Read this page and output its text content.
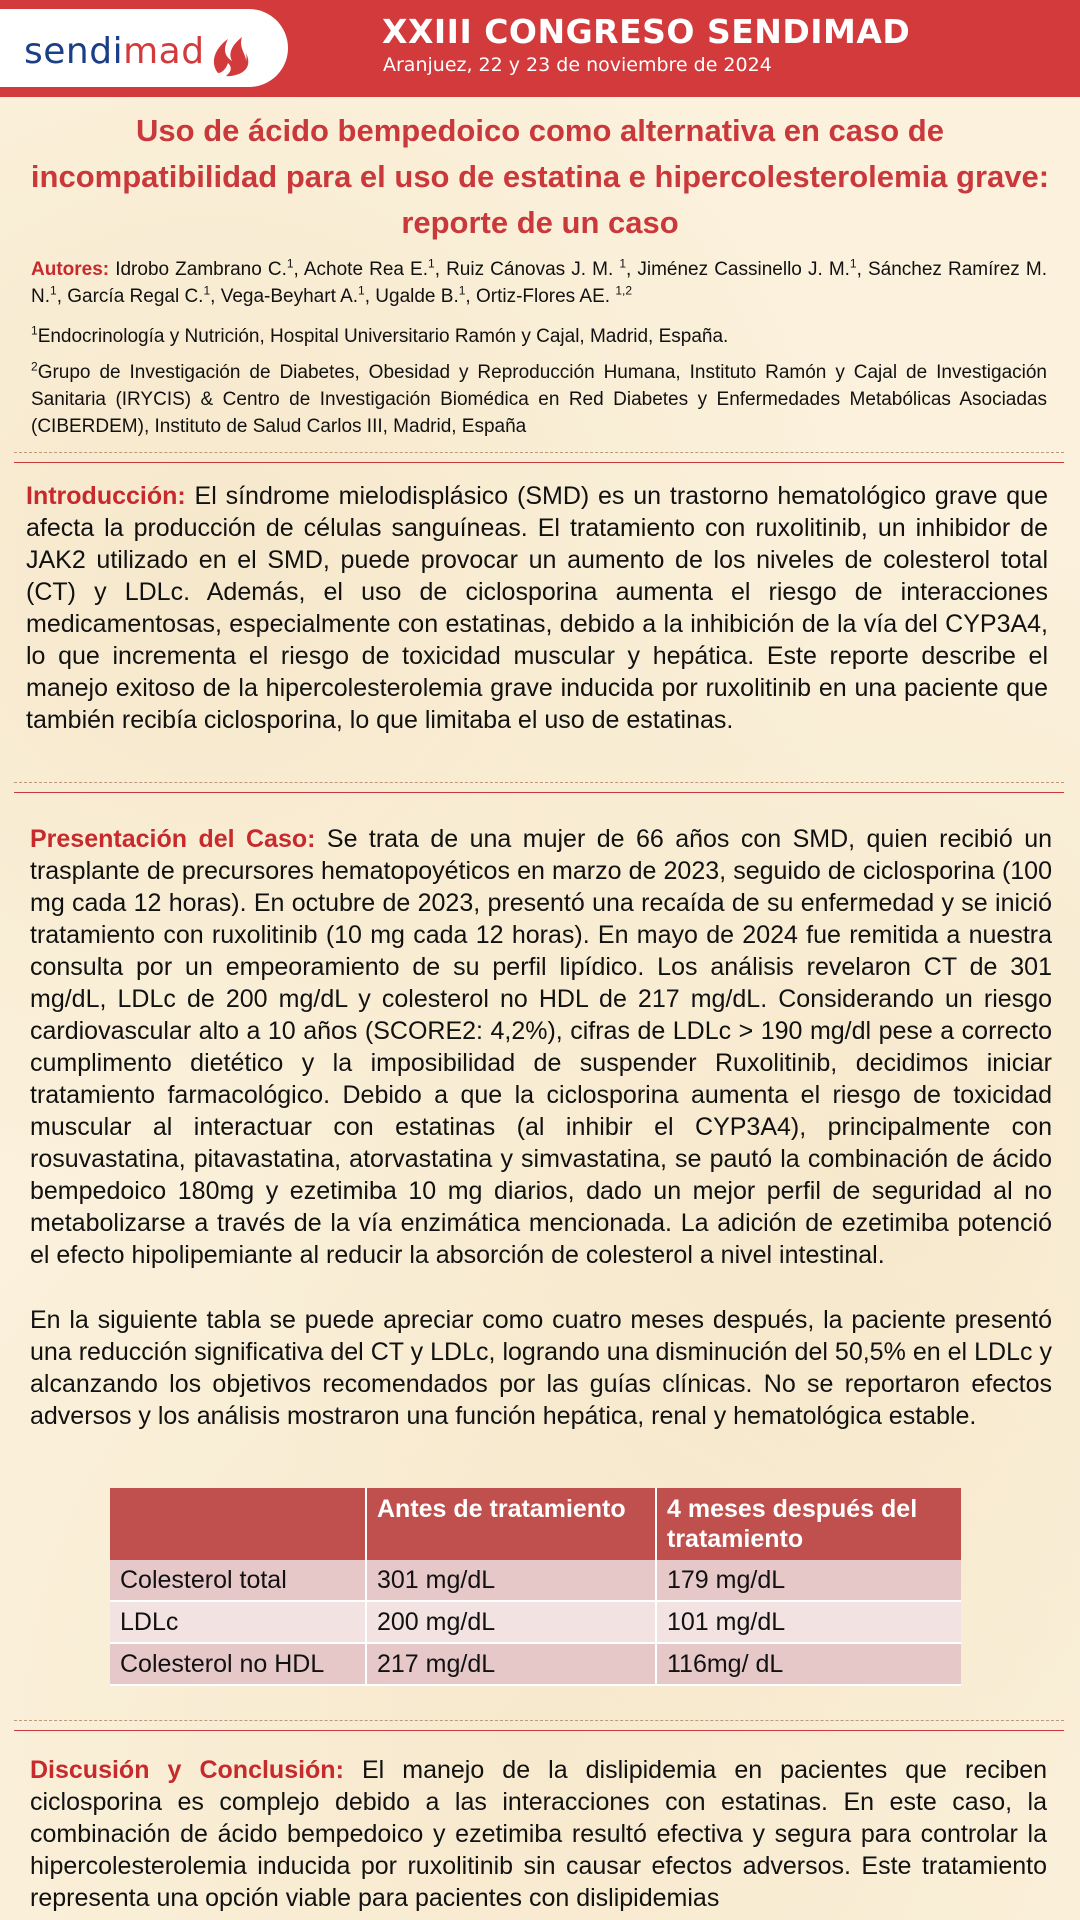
sendimad	XXIII CONGRESO SENDIMAD
Aranjuez, 22 y 23 de noviembre de 2024
Uso de ácido bempedoico como alternativa en caso de incompatibilidad para el uso de estatina e hipercolesterolemia grave: reporte de un caso
Autores: Idrobo Zambrano C.$^1$, Achote Rea E.$^1$, Ruiz Cánovas J. M. $^1$, Jiménez Cassinello J. M.$^1$, Sánchez Ramírez M. N.$^1$, García Regal C.$^1$, Vega-Beyhart A.$^1$, Ugalde B.$^1$, Ortiz-Flores AE. $^{1,2}$
$^1$Endocrinología y Nutrición, Hospital Universitario Ramón y Cajal, Madrid, España.
$^2$Grupo de Investigación de Diabetes, Obesidad y Reproducción Humana, Instituto Ramón y Cajal de Investigación Sanitaria (IRYCIS) & Centro de Investigación Biomédica en Red Diabetes y Enfermedades Metabólicas Asociadas (CIBERDEM), Instituto de Salud Carlos III, Madrid, España
Introducción: El síndrome mielodisplásico (SMD) es un trastorno hematológico grave que afecta la producción de células sanguíneas. El tratamiento con ruxolitinib, un inhibidor de JAK2 utilizado en el SMD, puede provocar un aumento de los niveles de colesterol total (CT) y LDLc. Además, el uso de ciclosporina aumenta el riesgo de interacciones medicamentosas, especialmente con estatinas, debido a la inhibición de la vía del CYP3A4, lo que incrementa el riesgo de toxicidad muscular y hepática. Este reporte describe el manejo exitoso de la hipercolesterolemia grave inducida por ruxolitinib en una paciente que también recibía ciclosporina, lo que limitaba el uso de estatinas.
Presentación del Caso: Se trata de una mujer de 66 años con SMD, quien recibió un trasplante de precursores hematopoyéticos en marzo de 2023, seguido de ciclosporina (100 mg cada 12 horas). En octubre de 2023, presentó una recaída de su enfermedad y se inició tratamiento con ruxolitinib (10 mg cada 12 horas). En mayo de 2024 fue remitida a nuestra consulta por un empeoramiento de su perfil lipídico. Los análisis revelaron CT de 301 mg/dL, LDLc de 200 mg/dL y colesterol no HDL de 217 mg/dL. Considerando un riesgo cardiovascular alto a 10 años (SCORE2: 4,2%), cifras de LDLc > 190 mg/dl pese a correcto cumplimento dietético y la imposibilidad de suspender Ruxolitinib, decidimos iniciar tratamiento farmacológico. Debido a que la ciclosporina aumenta el riesgo de toxicidad muscular al interactuar con estatinas (al inhibir el CYP3A4), principalmente con rosuvastatina, pitavastatina, atorvastatina y simvastatina, se pautó la combinación de ácido bempedoico 180mg y ezetimiba 10 mg diarios, dado un mejor perfil de seguridad al no metabolizarse a través de la vía enzimática mencionada. La adición de ezetimiba potenció el efecto hipolipemiante al reducir la absorción de colesterol a nivel intestinal.
En la siguiente tabla se puede apreciar como cuatro meses después, la paciente presentó una reducción significativa del CT y LDLc, logrando una disminución del 50,5% en el LDLc y alcanzando los objetivos recomendados por las guías clínicas. No se reportaron efectos adversos y los análisis mostraron una función hepática, renal y hematológica estable.
	Antes de tratamiento	4 meses después del tratamiento
Colesterol total	301 mg/dL	179 mg/dL
LDLc	200 mg/dL	101 mg/dL
Colesterol no HDL	217 mg/dL	116mg/ dL
Discusión y Conclusión: El manejo de la dislipidemia en pacientes que reciben ciclosporina es complejo debido a las interacciones con estatinas. En este caso, la combinación de ácido bempedoico y ezetimiba resultó efectiva y segura para controlar la hipercolesterolemia inducida por ruxolitinib sin causar efectos adversos. Este tratamiento representa una opción viable para pacientes con dislipidemias
